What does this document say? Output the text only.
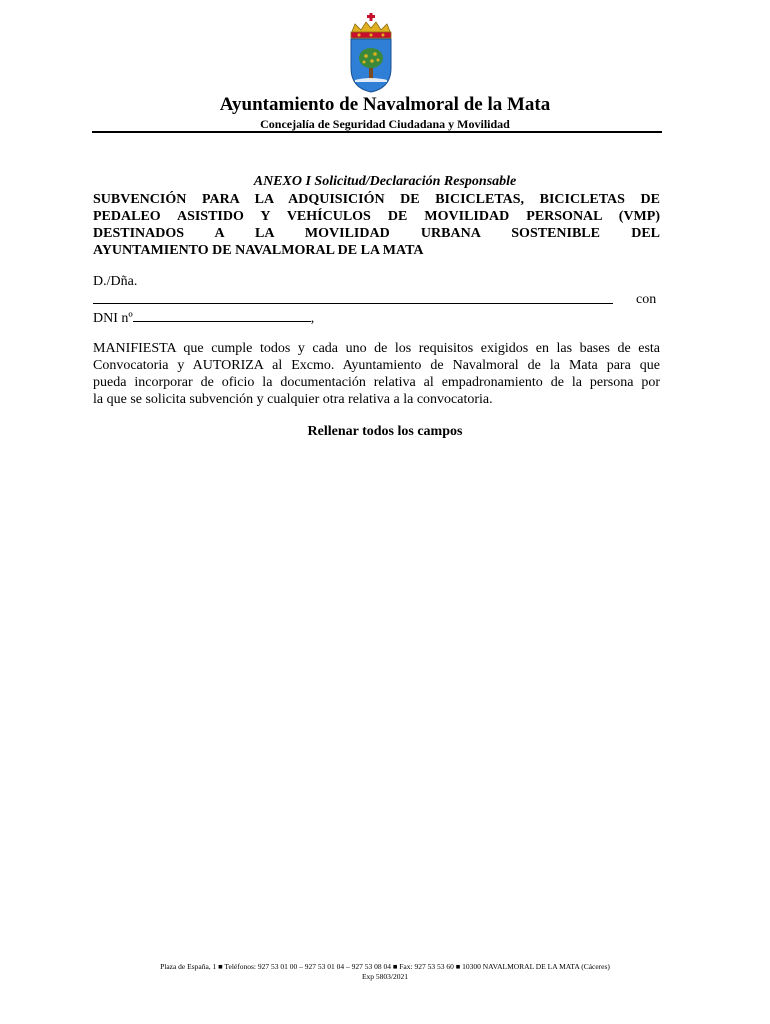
Ayuntamiento de Navalmoral de la Mata
Concejalía de Seguridad Ciudadana y Movilidad
ANEXO I Solicitud/Declaración Responsable
SUBVENCIÓN PARA LA ADQUISICIÓN DE BICICLETAS, BICICLETAS DE
PEDALEO ASISTIDO Y VEHÍCULOS DE MOVILIDAD PERSONAL (VMP)
DESTINADOS A LA MOVILIDAD URBANA SOSTENIBLE DEL
AYUNTAMIENTO DE NAVALMORAL DE LA MATA
D./Dña.
con
DNI nº	,
MANIFIESTA que cumple todos y cada uno de los requisitos exigidos en las bases de esta
Convocatoria y AUTORIZA al Excmo. Ayuntamiento de Navalmoral de la Mata para que
pueda incorporar de oficio la documentación relativa al empadronamiento de la persona por
la que se solicita subvención y cualquier otra relativa a la convocatoria.
Rellenar todos los campos
Plaza de España, 1 ■ Teléfonos: 927 53 01 00 – 927 53 01 04 – 927 53 08 04 ■ Fax: 927 53 53 60 ■ 10300 NAVALMORAL DE LA MATA (Cáceres)
Exp 5803/2021
